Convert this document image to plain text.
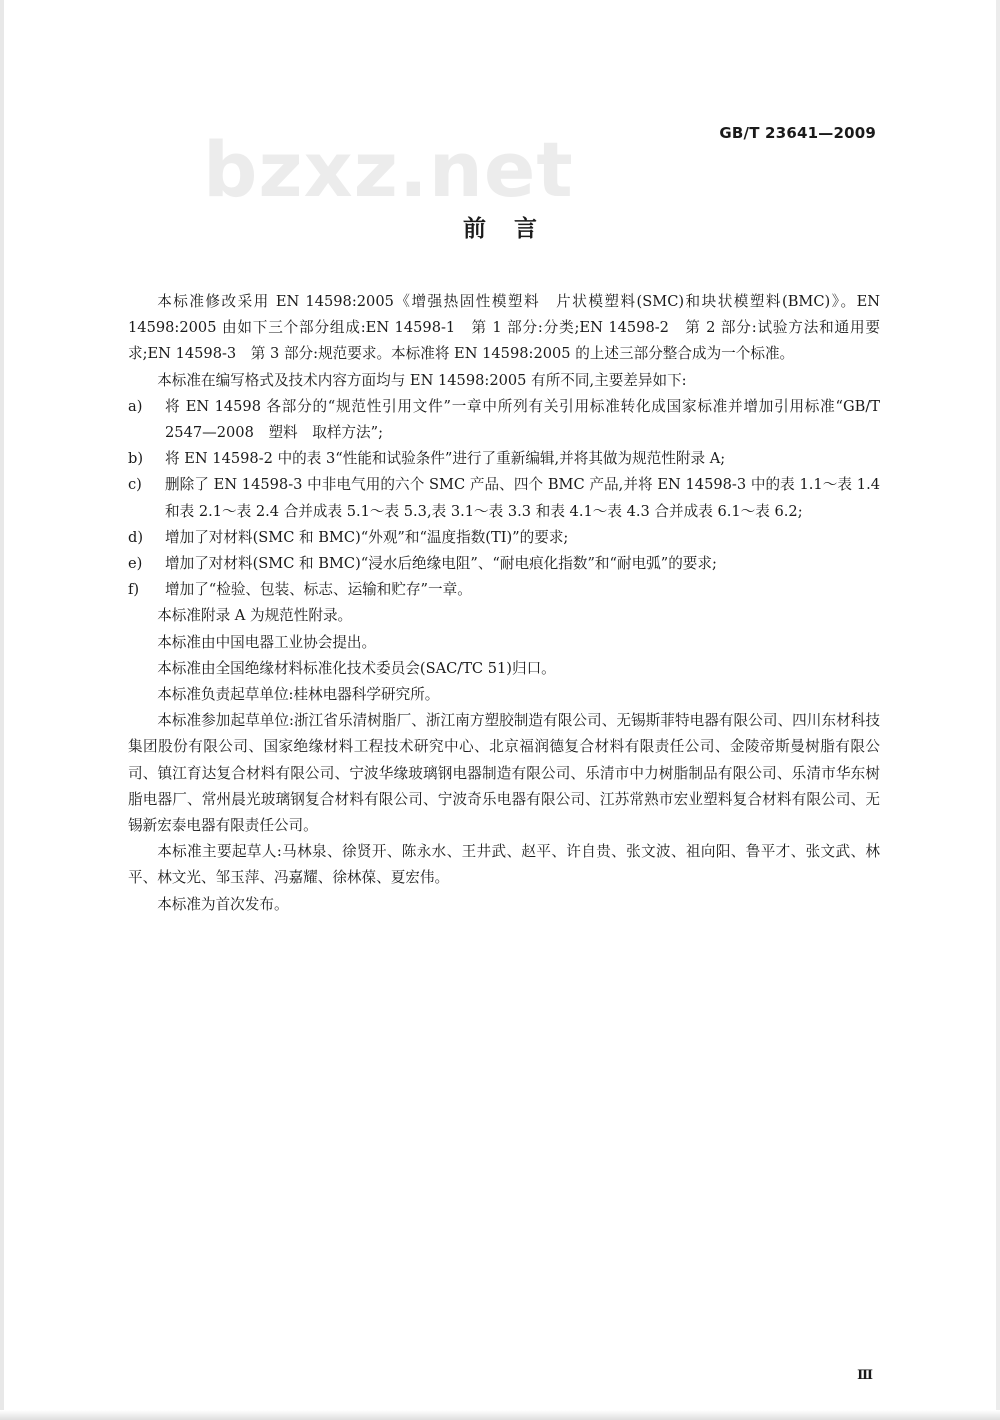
bzxz.net	GB/T 23641—2009
前 言

本标准修改采用 EN 14598:2005《增强热固性模塑料　片状模塑料(SMC)和块状模塑料(BMC)》。EN 14598:2005 由如下三个部分组成:EN 14598-1　第 1 部分:分类;EN 14598-2　第 2 部分:试验方法和通用要求;EN 14598-3　第 3 部分:规范要求。本标准将 EN 14598:2005 的上述三部分整合成为一个标准。

本标准在编写格式及技术内容方面均与 EN 14598:2005 有所不同,主要差异如下:

a) 将 EN 14598 各部分的“规范性引用文件”一章中所列有关引用标准转化成国家标准并增加引用标准“GB/T 2547—2008　塑料　取样方法”;
b) 将 EN 14598-2 中的表 3“性能和试验条件”进行了重新编辑,并将其做为规范性附录 A;
c) 删除了 EN 14598-3 中非电气用的六个 SMC 产品、四个 BMC 产品,并将 EN 14598-3 中的表 1.1～表 1.4 和表 2.1～表 2.4 合并成表 5.1～表 5.3,表 3.1～表 3.3 和表 4.1～表 4.3 合并成表 6.1～表 6.2;
d) 增加了对材料(SMC 和 BMC)“外观”和“温度指数(TI)”的要求;
e) 增加了对材料(SMC 和 BMC)“浸水后绝缘电阻”、“耐电痕化指数”和“耐电弧”的要求;
f) 增加了“检验、包装、标志、运输和贮存”一章。

本标准附录 A 为规范性附录。

本标准由中国电器工业协会提出。

本标准由全国绝缘材料标准化技术委员会(SAC/TC 51)归口。

本标准负责起草单位:桂林电器科学研究所。

本标准参加起草单位:浙江省乐清树脂厂、浙江南方塑胶制造有限公司、无锡斯菲特电器有限公司、四川东材科技集团股份有限公司、国家绝缘材料工程技术研究中心、北京福润德复合材料有限责任公司、金陵帝斯曼树脂有限公司、镇江育达复合材料有限公司、宁波华缘玻璃钢电器制造有限公司、乐清市中力树脂制品有限公司、乐清市华东树脂电器厂、常州晨光玻璃钢复合材料有限公司、宁波奇乐电器有限公司、江苏常熟市宏业塑料复合材料有限公司、无锡新宏泰电器有限责任公司。

本标准主要起草人:马林泉、徐贤开、陈永水、王井武、赵平、许自贵、张文波、祖向阳、鲁平才、张文武、林平、林文光、邹玉萍、冯嘉耀、徐林葆、夏宏伟。

本标准为首次发布。

Ⅲ
